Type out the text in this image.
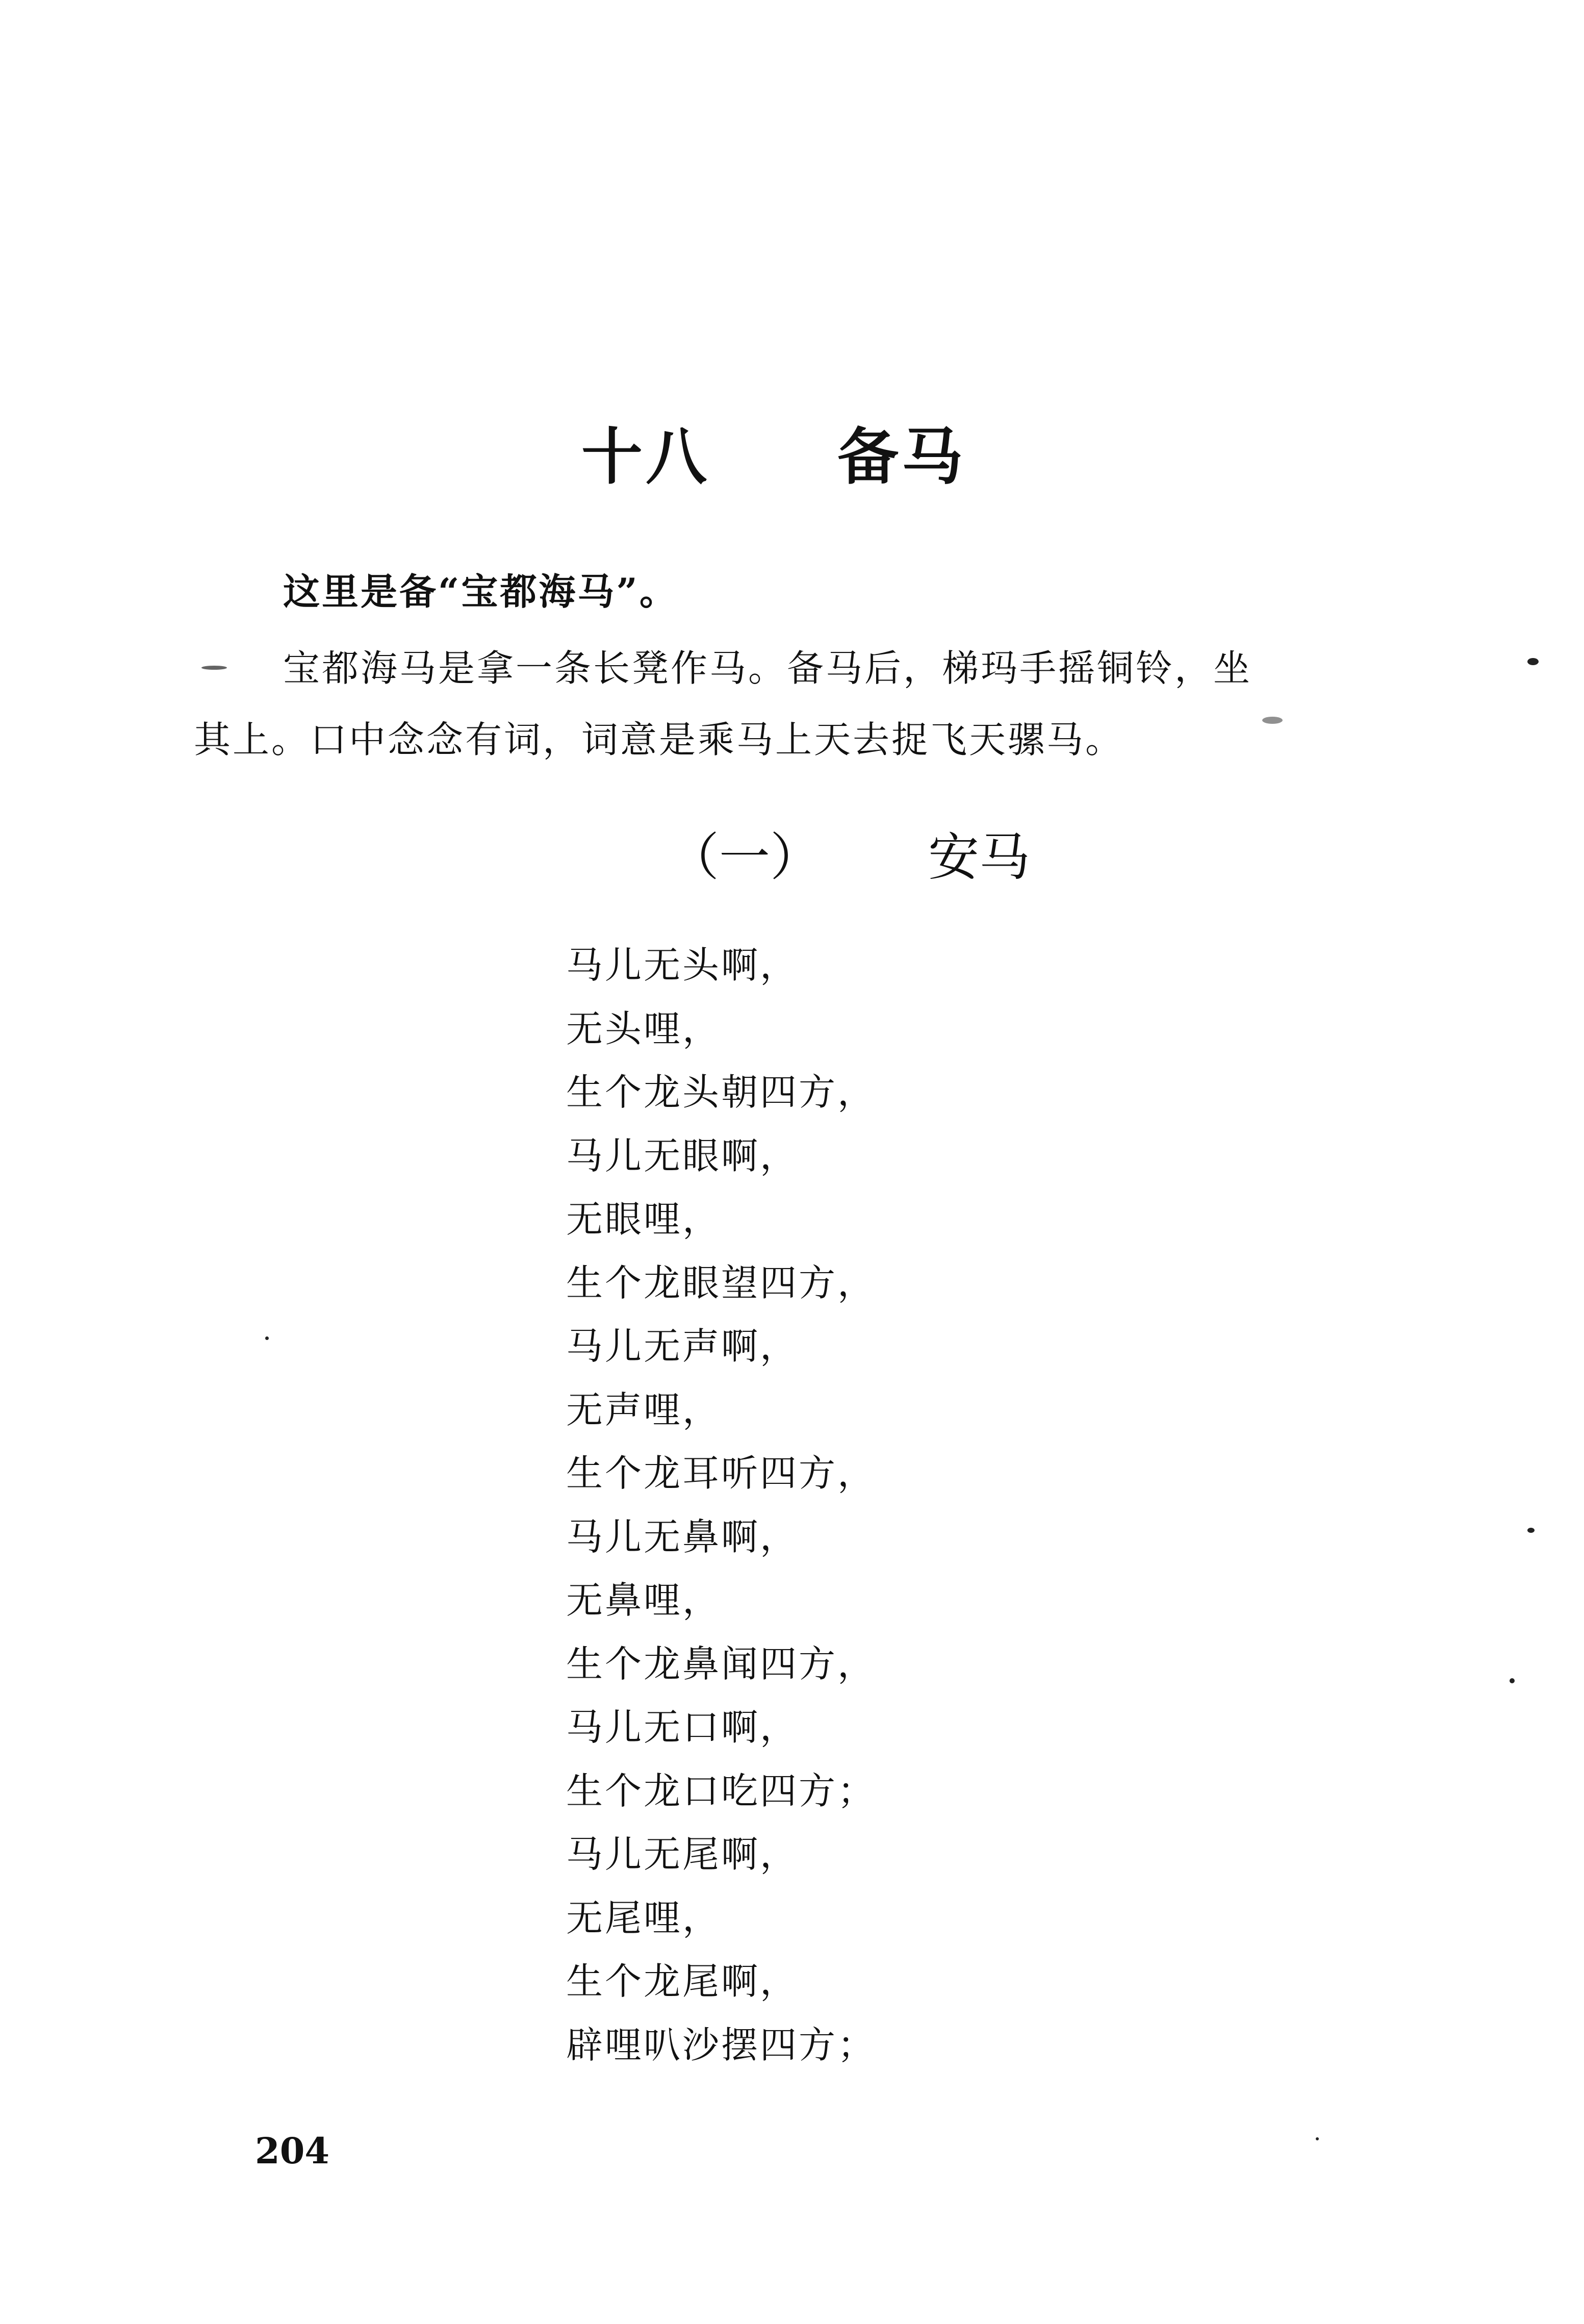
十八 备马
这里是备“宝都海马”。
宝都海马是拿一条长凳作马。备马后，梯玛手摇铜铃，坐
其上。口中念念有词，词意是乘马上天去捉飞天骡马。
（一） 安马
马儿无头啊，
无头哩，
生个龙头朝四方，
马儿无眼啊，
无眼哩，
生个龙眼望四方，
马儿无声啊，
无声哩，
生个龙耳听四方，
马儿无鼻啊，
无鼻哩，
生个龙鼻闻四方，
马儿无口啊，
生个龙口吃四方；
马儿无尾啊，
无尾哩，
生个龙尾啊，
辟哩叭沙摆四方；
204
